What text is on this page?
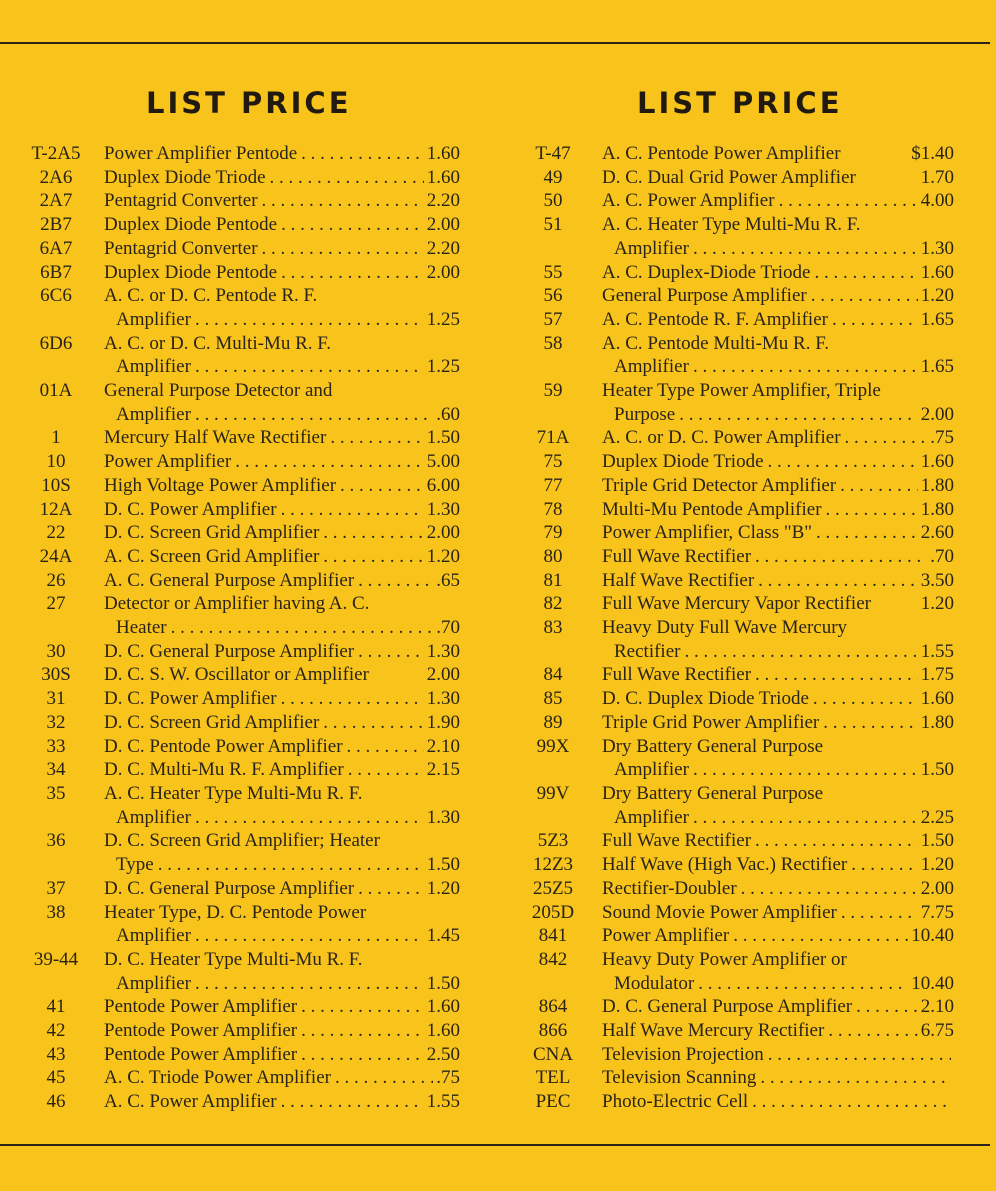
LIST PRICE	LIST PRICE
T-2A5	Power Amplifier Pentode . . .	1.60
2A6	Duplex Diode Triode . . .	1.60
2A7	Pentagrid Converter . . .	2.20
2B7	Duplex Diode Pentode . . .	2.00
6A7	Pentagrid Converter . . .	2.20
6B7	Duplex Diode Pentode . . .	2.00
6C6	A. C. or D. C. Pentode R. F.
Amplifier . . .	1.25
6D6	A. C. or D. C. Multi-Mu R. F.
Amplifier . . .	1.25
01A	General Purpose Detector and
Amplifier . . .	.60
1	Mercury Half Wave Rectifier . . .	1.50
10	Power Amplifier . . .	5.00
10S	High Voltage Power Amplifier . . .	6.00
12A	D. C. Power Amplifier . . .	1.30
22	D. C. Screen Grid Amplifier . . .	2.00
24A	A. C. Screen Grid Amplifier . . .	1.20
26	A. C. General Purpose Amplifier . . .	.65
27	Detector or Amplifier having A. C.
Heater . . .	.70
30	D. C. General Purpose Amplifier . . .	1.30
30S	D. C. S. W. Oscillator or Amplifier	2.00
31	D. C. Power Amplifier . . .	1.30
32	D. C. Screen Grid Amplifier . . .	1.90
33	D. C. Pentode Power Amplifier . . .	2.10
34	D. C. Multi-Mu R. F. Amplifier . . .	2.15
35	A. C. Heater Type Multi-Mu R. F.
Amplifier . . .	1.30
36	D. C. Screen Grid Amplifier; Heater
Type . . .	1.50
37	D. C. General Purpose Amplifier . . .	1.20
38	Heater Type, D. C. Pentode Power
Amplifier . . .	1.45
39-44	D. C. Heater Type Multi-Mu R. F.
Amplifier . . .	1.50
41	Pentode Power Amplifier . . .	1.60
42	Pentode Power Amplifier . . .	1.60
43	Pentode Power Amplifier . . .	2.50
45	A. C. Triode Power Amplifier . . .	.75
46	A. C. Power Amplifier . . .	1.55
T-47	A. C. Pentode Power Amplifier	$1.40
49	D. C. Dual Grid Power Amplifier	1.70
50	A. C. Power Amplifier . . .	4.00
51	A. C. Heater Type Multi-Mu R. F.
Amplifier . . .	1.30
55	A. C. Duplex-Diode Triode . . .	1.60
56	General Purpose Amplifier . . .	1.20
57	A. C. Pentode R. F. Amplifier . . .	1.65
58	A. C. Pentode Multi-Mu R. F.
Amplifier . . .	1.65
59	Heater Type Power Amplifier, Triple
Purpose . . .	2.00
71A	A. C. or D. C. Power Amplifier . . .	.75
75	Duplex Diode Triode . . .	1.60
77	Triple Grid Detector Amplifier . . .	1.80
78	Multi-Mu Pentode Amplifier . . .	1.80
79	Power Amplifier, Class "B" . . .	2.60
80	Full Wave Rectifier . . .	.70
81	Half Wave Rectifier . . .	3.50
82	Full Wave Mercury Vapor Rectifier	1.20
83	Heavy Duty Full Wave Mercury
Rectifier . . .	1.55
84	Full Wave Rectifier . . .	1.75
85	D. C. Duplex Diode Triode . . .	1.60
89	Triple Grid Power Amplifier . . .	1.80
99X	Dry Battery General Purpose
Amplifier . . .	1.50
99V	Dry Battery General Purpose
Amplifier . . .	2.25
5Z3	Full Wave Rectifier . . .	1.50
12Z3	Half Wave (High Vac.) Rectifier . . .	1.20
25Z5	Rectifier-Doubler . . .	2.00
205D	Sound Movie Power Amplifier . . .	7.75
841	Power Amplifier . . .	10.40
842	Heavy Duty Power Amplifier or
Modulator . . .	10.40
864	D. C. General Purpose Amplifier . . .	2.10
866	Half Wave Mercury Rectifier . . .	6.75
CNA	Television Projection
. . .
TEL	Television Scanning
. . .
PEC	Photo-Electric Cell
. . .
